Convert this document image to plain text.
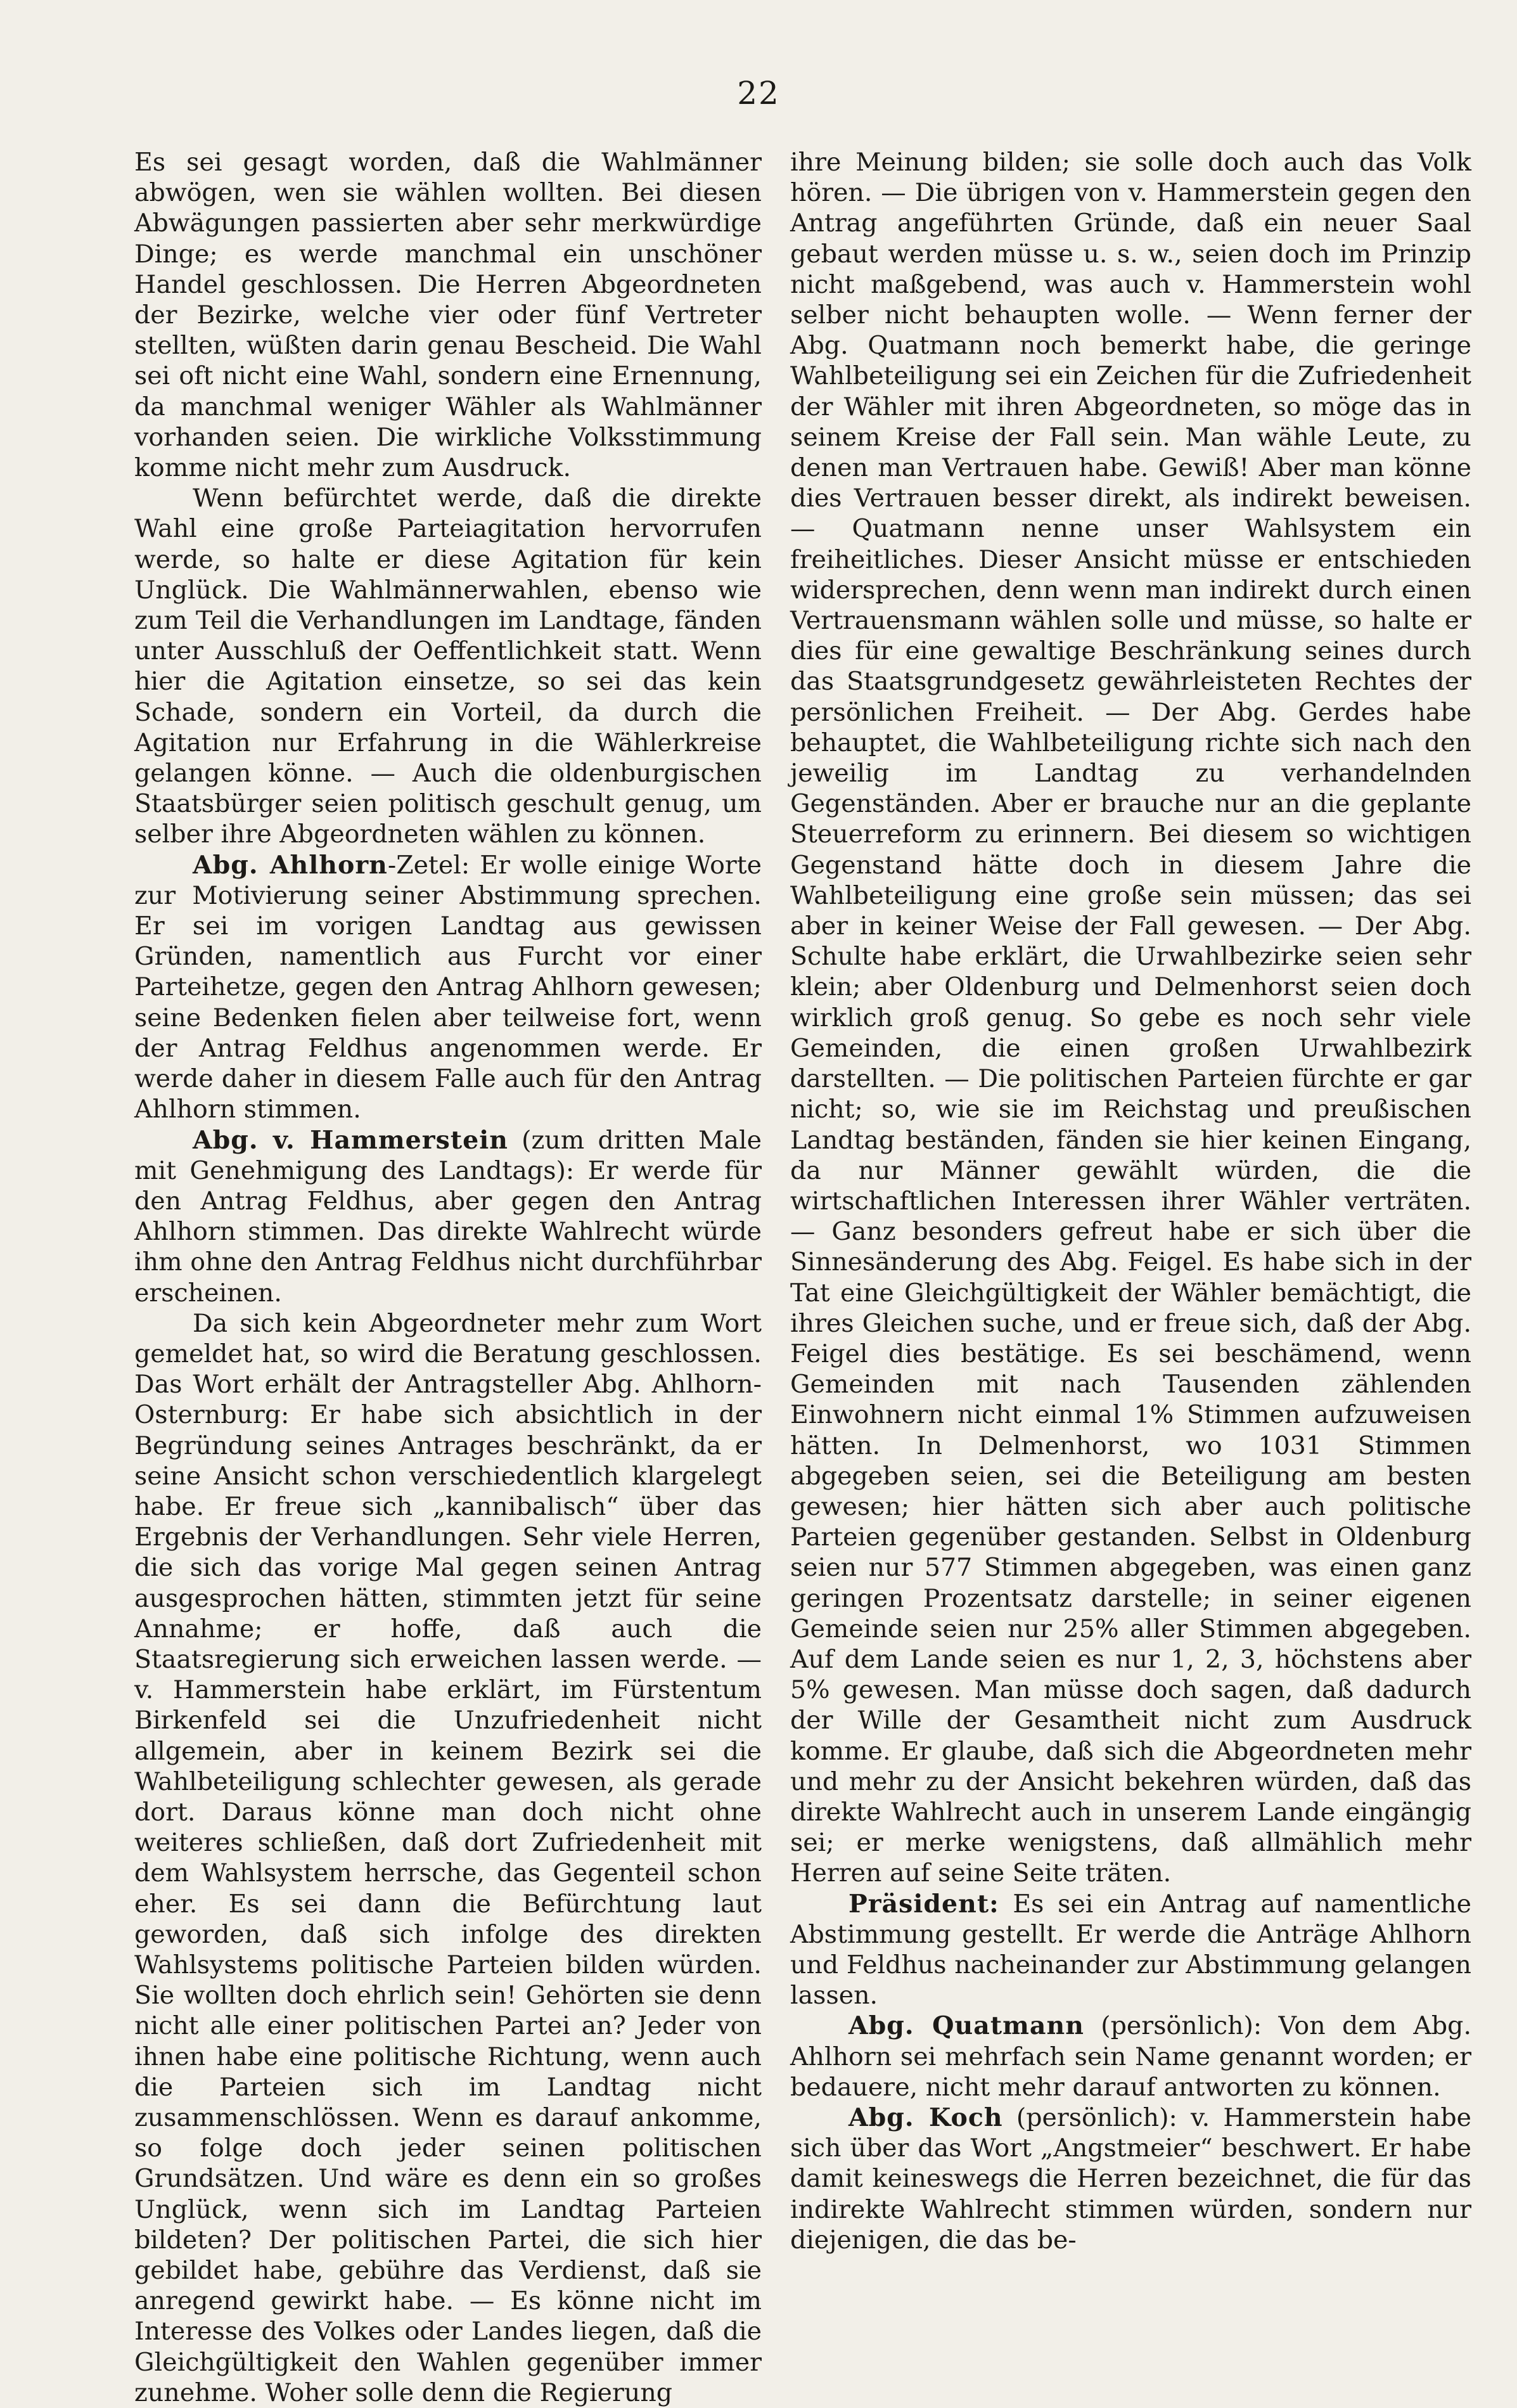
22

Es sei gesagt worden, daß die Wahlmänner abwögen, wen sie wählen wollten. Bei diesen Abwägungen passierten aber sehr merkwürdige Dinge; es werde manchmal ein unschöner Handel geschlossen. Die Herren Abgeordneten der Bezirke, welche vier oder fünf Vertreter stellten, wüßten darin genau Bescheid. Die Wahl sei oft nicht eine Wahl, sondern eine Ernennung, da manchmal weniger Wähler als Wahlmänner vorhanden seien. Die wirkliche Volksstimmung komme nicht mehr zum Ausdruck.

Wenn befürchtet werde, daß die direkte Wahl eine große Parteiagitation hervorrufen werde, so halte er diese Agitation für kein Unglück. Die Wahlmännerwahlen, ebenso wie zum Teil die Verhandlungen im Landtage, fänden unter Ausschluß der Oeffentlichkeit statt. Wenn hier die Agitation einsetze, so sei das kein Schade, sondern ein Vorteil, da durch die Agitation nur Erfahrung in die Wählerkreise gelangen könne. — Auch die oldenburgischen Staatsbürger seien politisch geschult genug, um selber ihre Abgeordneten wählen zu können.

Abg. Ahlhorn-Zetel: Er wolle einige Worte zur Motivierung seiner Abstimmung sprechen. Er sei im vorigen Landtag aus gewissen Gründen, namentlich aus Furcht vor einer Parteihetze, gegen den Antrag Ahlhorn gewesen; seine Bedenken fielen aber teilweise fort, wenn der Antrag Feldhus angenommen werde. Er werde daher in diesem Falle auch für den Antrag Ahlhorn stimmen.

Abg. v. Hammerstein (zum dritten Male mit Genehmigung des Landtags): Er werde für den Antrag Feldhus, aber gegen den Antrag Ahlhorn stimmen. Das direkte Wahlrecht würde ihm ohne den Antrag Feldhus nicht durchführbar erscheinen.

Da sich kein Abgeordneter mehr zum Wort gemeldet hat, so wird die Beratung geschlossen. Das Wort erhält der Antragsteller Abg. Ahlhorn-Osternburg: Er habe sich absichtlich in der Begründung seines Antrages beschränkt, da er seine Ansicht schon verschiedentlich klargelegt habe. Er freue sich „kannibalisch“ über das Ergebnis der Verhandlungen. Sehr viele Herren, die sich das vorige Mal gegen seinen Antrag ausgesprochen hätten, stimmten jetzt für seine Annahme; er hoffe, daß auch die Staatsregierung sich erweichen lassen werde. — v. Hammerstein habe erklärt, im Fürstentum Birkenfeld sei die Unzufriedenheit nicht allgemein, aber in keinem Bezirk sei die Wahlbeteiligung schlechter gewesen, als gerade dort. Daraus könne man doch nicht ohne weiteres schließen, daß dort Zufriedenheit mit dem Wahlsystem herrsche, das Gegenteil schon eher. Es sei dann die Befürchtung laut geworden, daß sich infolge des direkten Wahlsystems politische Parteien bilden würden. Sie wollten doch ehrlich sein! Gehörten sie denn nicht alle einer politischen Partei an? Jeder von ihnen habe eine politische Richtung, wenn auch die Parteien sich im Landtag nicht zusammenschlössen. Wenn es darauf ankomme, so folge doch jeder seinen politischen Grundsätzen. Und wäre es denn ein so großes Unglück, wenn sich im Landtag Parteien bildeten? Der politischen Partei, die sich hier gebildet habe, gebühre das Verdienst, daß sie anregend gewirkt habe. — Es könne nicht im Interesse des Volkes oder Landes liegen, daß die Gleichgültigkeit den Wahlen gegenüber immer zunehme. Woher solle denn die Regierung

ihre Meinung bilden; sie solle doch auch das Volk hören. — Die übrigen von v. Hammerstein gegen den Antrag angeführten Gründe, daß ein neuer Saal gebaut werden müsse u. s. w., seien doch im Prinzip nicht maßgebend, was auch v. Hammerstein wohl selber nicht behaupten wolle. — Wenn ferner der Abg. Quatmann noch bemerkt habe, die geringe Wahlbeteiligung sei ein Zeichen für die Zufriedenheit der Wähler mit ihren Abgeordneten, so möge das in seinem Kreise der Fall sein. Man wähle Leute, zu denen man Vertrauen habe. Gewiß! Aber man könne dies Vertrauen besser direkt, als indirekt beweisen. — Quatmann nenne unser Wahlsystem ein freiheitliches. Dieser Ansicht müsse er entschieden widersprechen, denn wenn man indirekt durch einen Vertrauensmann wählen solle und müsse, so halte er dies für eine gewaltige Beschränkung seines durch das Staatsgrundgesetz gewährleisteten Rechtes der persönlichen Freiheit. — Der Abg. Gerdes habe behauptet, die Wahlbeteiligung richte sich nach den jeweilig im Landtag zu verhandelnden Gegenständen. Aber er brauche nur an die geplante Steuerreform zu erinnern. Bei diesem so wichtigen Gegenstand hätte doch in diesem Jahre die Wahlbeteiligung eine große sein müssen; das sei aber in keiner Weise der Fall gewesen. — Der Abg. Schulte habe erklärt, die Urwahlbezirke seien sehr klein; aber Oldenburg und Delmenhorst seien doch wirklich groß genug. So gebe es noch sehr viele Gemeinden, die einen großen Urwahlbezirk darstellten. — Die politischen Parteien fürchte er gar nicht; so, wie sie im Reichstag und preußischen Landtag beständen, fänden sie hier keinen Eingang, da nur Männer gewählt würden, die die wirtschaftlichen Interessen ihrer Wähler verträten. — Ganz besonders gefreut habe er sich über die Sinnesänderung des Abg. Feigel. Es habe sich in der Tat eine Gleichgültigkeit der Wähler bemächtigt, die ihres Gleichen suche, und er freue sich, daß der Abg. Feigel dies bestätige. Es sei beschämend, wenn Gemeinden mit nach Tausenden zählenden Einwohnern nicht einmal 1% Stimmen aufzuweisen hätten. In Delmenhorst, wo 1031 Stimmen abgegeben seien, sei die Beteiligung am besten gewesen; hier hätten sich aber auch politische Parteien gegenüber gestanden. Selbst in Oldenburg seien nur 577 Stimmen abgegeben, was einen ganz geringen Prozentsatz darstelle; in seiner eigenen Gemeinde seien nur 25% aller Stimmen abgegeben. Auf dem Lande seien es nur 1, 2, 3, höchstens aber 5% gewesen. Man müsse doch sagen, daß dadurch der Wille der Gesamtheit nicht zum Ausdruck komme. Er glaube, daß sich die Abgeordneten mehr und mehr zu der Ansicht bekehren würden, daß das direkte Wahlrecht auch in unserem Lande eingängig sei; er merke wenigstens, daß allmählich mehr Herren auf seine Seite träten.

Präsident: Es sei ein Antrag auf namentliche Abstimmung gestellt. Er werde die Anträge Ahlhorn und Feldhus nacheinander zur Abstimmung gelangen lassen.

Abg. Quatmann (persönlich): Von dem Abg. Ahlhorn sei mehrfach sein Name genannt worden; er bedauere, nicht mehr darauf antworten zu können.

Abg. Koch (persönlich): v. Hammerstein habe sich über das Wort „Angstmeier“ beschwert. Er habe damit keineswegs die Herren bezeichnet, die für das indirekte Wahlrecht stimmen würden, sondern nur diejenigen, die das be-
